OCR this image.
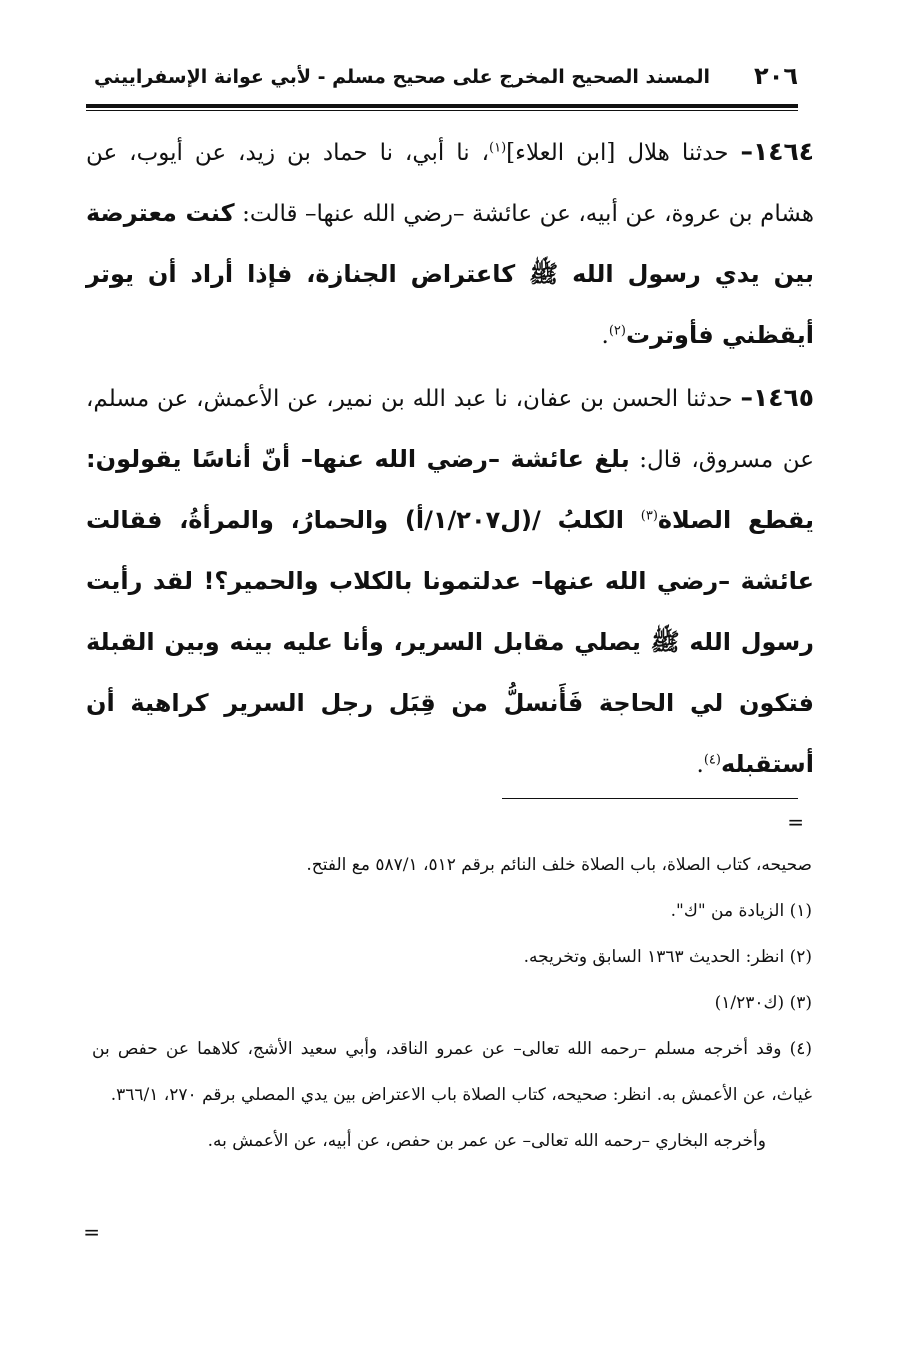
٢٠٦
المسند الصحيح المخرج على صحيح مسلم - لأبي عوانة الإسفراييني

١٤٦٤– حدثنا هلال [ابن العلاء]$^{(١)}$، نا أبي، نا حماد بن زيد، عن أيوب، عن هشام بن عروة، عن أبيه، عن عائشة –رضي الله عنها– قالت: كنت معترضة بين يدي رسول الله ﷺ كاعتراض الجنازة، فإذا أراد أن يوتر أيقظني فأوترت$^{(٢)}$.

١٤٦٥– حدثنا الحسن بن عفان، نا عبد الله بن نمير، عن الأعمش، عن مسلم، عن مسروق، قال: بلغ عائشة –رضي الله عنها– أنّ أناسًا يقولون: يقطع الصلاة$^{(٣)}$ الكلبُ /(ل١/٢٠٧/أ) والحمارُ، والمرأةُ، فقالت عائشة –رضي الله عنها– عدلتمونا بالكلاب والحمير؟! لقد رأيت رسول الله ﷺ يصلي مقابل السرير، وأنا عليه بينه وبين القبلة فتكون لي الحاجة فَأَنسلُّ من قِبَل رجل السرير كراهية أن أستقبله$^{(٤)}$.

=

صحيحه، كتاب الصلاة، باب الصلاة خلف النائم برقم ٥١٢، ٥٨٧/١ مع الفتح.

(١) الزيادة من "ك".

(٢) انظر: الحديث ١٣٦٣ السابق وتخريجه.

(٣) (ك١/٢٣٠)

(٤) وقد أخرجه مسلم –رحمه الله تعالى– عن عمرو الناقد، وأبي سعيد الأشج، كلاهما عن حفص بن غياث، عن الأعمش به. انظر: صحيحه، كتاب الصلاة باب الاعتراض بين يدي المصلي برقم ٢٧٠، ٣٦٦/١.

وأخرجه البخاري –رحمه الله تعالى– عن عمر بن حفص، عن أبيه، عن الأعمش به.

=
